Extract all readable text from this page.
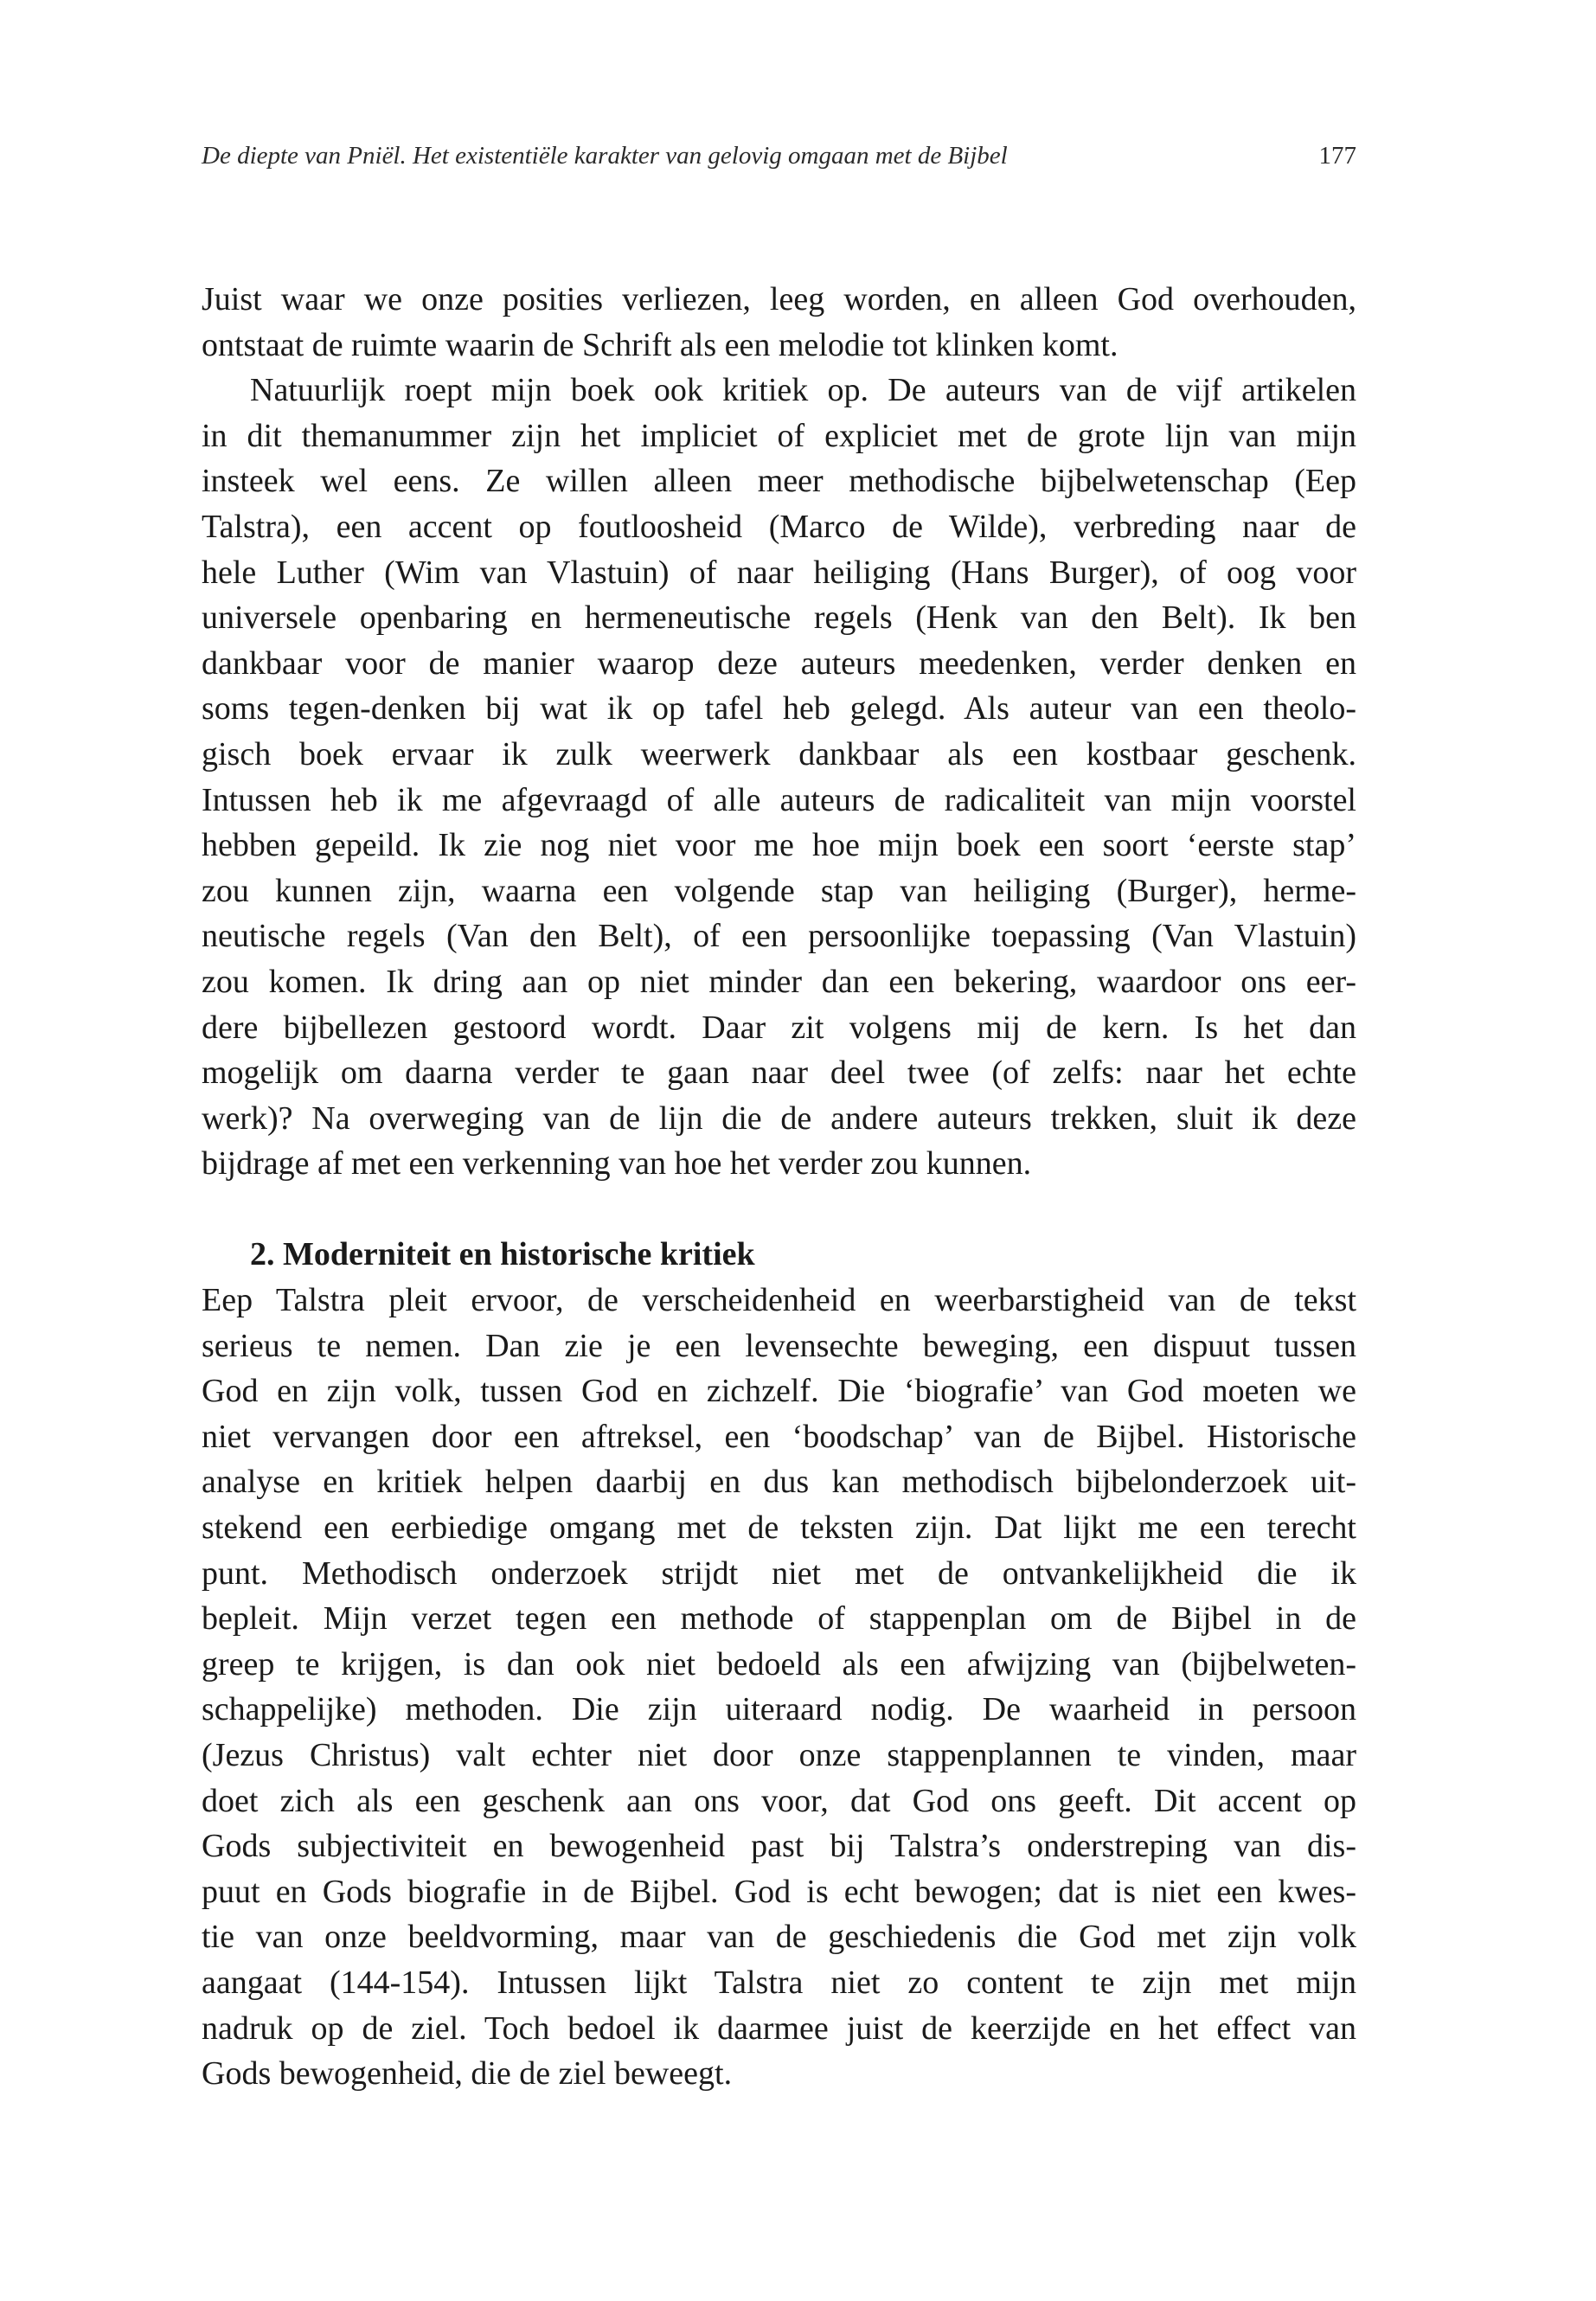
De diepte van Pniël. Het existentiële karakter van gelovig omgaan met de Bijbel	177
Juist waar we onze posities verliezen, leeg worden, en alleen God overhouden,
ontstaat de ruimte waarin de Schrift als een melodie tot klinken komt.
Natuurlijk roept mijn boek ook kritiek op. De auteurs van de vijf artikelen
in dit themanummer zijn het impliciet of expliciet met de grote lijn van mijn
insteek wel eens. Ze willen alleen meer methodische bijbelwetenschap (Eep
Talstra), een accent op foutloosheid (Marco de Wilde), verbreding naar de
hele Luther (Wim van Vlastuin) of naar heiliging (Hans Burger), of oog voor
universele openbaring en hermeneutische regels (Henk van den Belt). Ik ben
dankbaar voor de manier waarop deze auteurs meedenken, verder denken en
soms tegen-denken bij wat ik op tafel heb gelegd. Als auteur van een theolo-
gisch boek ervaar ik zulk weerwerk dankbaar als een kostbaar geschenk.
Intussen heb ik me afgevraagd of alle auteurs de radicaliteit van mijn voorstel
hebben gepeild. Ik zie nog niet voor me hoe mijn boek een soort ‘eerste stap’
zou kunnen zijn, waarna een volgende stap van heiliging (Burger), herme-
neutische regels (Van den Belt), of een persoonlijke toepassing (Van Vlastuin)
zou komen. Ik dring aan op niet minder dan een bekering, waardoor ons eer-
dere bijbellezen gestoord wordt. Daar zit volgens mij de kern. Is het dan
mogelijk om daarna verder te gaan naar deel twee (of zelfs: naar het echte
werk)? Na overweging van de lijn die de andere auteurs trekken, sluit ik deze
bijdrage af met een verkenning van hoe het verder zou kunnen.
2. Moderniteit en historische kritiek
Eep Talstra pleit ervoor, de verscheidenheid en weerbarstigheid van de tekst
serieus te nemen. Dan zie je een levensechte beweging, een dispuut tussen
God en zijn volk, tussen God en zichzelf. Die ‘biografie’ van God moeten we
niet vervangen door een aftreksel, een ‘boodschap’ van de Bijbel. Historische
analyse en kritiek helpen daarbij en dus kan methodisch bijbelonderzoek uit-
stekend een eerbiedige omgang met de teksten zijn. Dat lijkt me een terecht
punt. Methodisch onderzoek strijdt niet met de ontvankelijkheid die ik
bepleit. Mijn verzet tegen een methode of stappenplan om de Bijbel in de
greep te krijgen, is dan ook niet bedoeld als een afwijzing van (bijbelweten-
schappelijke) methoden. Die zijn uiteraard nodig. De waarheid in persoon
(Jezus Christus) valt echter niet door onze stappenplannen te vinden, maar
doet zich als een geschenk aan ons voor, dat God ons geeft. Dit accent op
Gods subjectiviteit en bewogenheid past bij Talstra’s onderstreping van dis-
puut en Gods biografie in de Bijbel. God is echt bewogen; dat is niet een kwes-
tie van onze beeldvorming, maar van de geschiedenis die God met zijn volk
aangaat (144-154). Intussen lijkt Talstra niet zo content te zijn met mijn
nadruk op de ziel. Toch bedoel ik daarmee juist de keerzijde en het effect van
Gods bewogenheid, die de ziel beweegt.
